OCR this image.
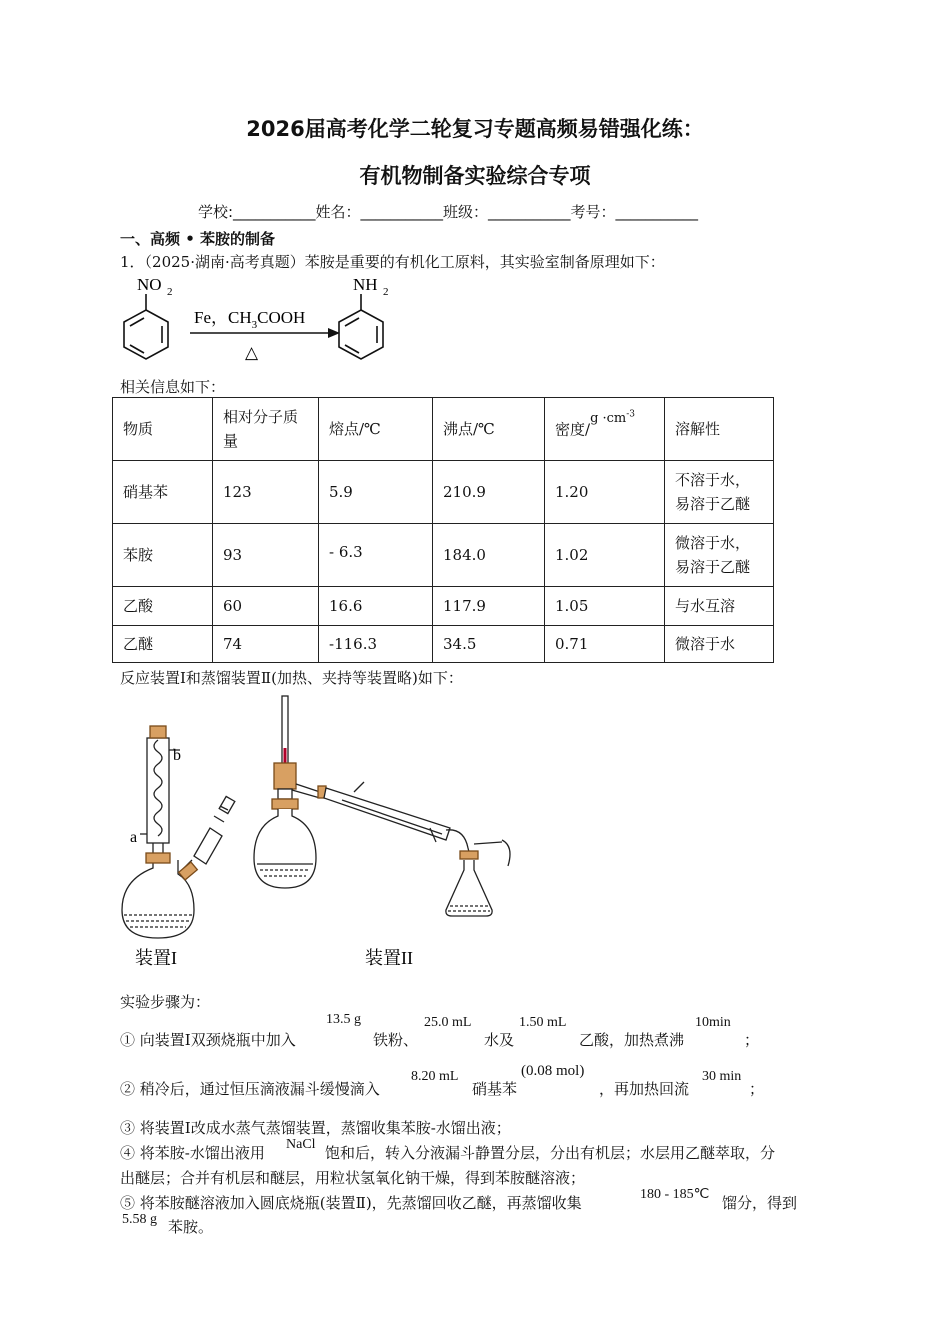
2026届高考化学二轮复习专题高频易错强化练：
有机物制备实验综合专项
学校:___________姓名：___________班级：___________考号：___________
一、高频 • 苯胺的制备
1．（2025·湖南·高考真题）苯胺是重要的有机化工原料，其实验室制备原理如下：
NO 2
Fe，$CH_3COOH$
△
NH 2
相关信息如下：
物质	相对分子质量	熔点/℃	沸点/℃	密度$/g \cdot cm^{-3}$	溶解性
硝基苯	123	5.9	210.9	1.20	不溶于水，易溶于乙醚
苯胺	93	- 6.3	184.0	1.02	微溶于水，易溶于乙醚
乙酸	60	16.6	117.9	1.05	与水互溶
乙醚	74	-116.3	34.5	0.71	微溶于水
反应装置Ⅰ和蒸馏装置Ⅱ(加热、夹持等装置略)如下：
b
a
装置I	装置II
实验步骤为：
① 向装置Ⅰ双颈烧瓶中加入
13.5 g
铁粉、
25.0 mL
水及
1.50 mL
乙酸，加热煮沸
10min
；
② 稍冷后，通过恒压滴液漏斗缓慢滴入
8.20 mL
硝基苯
(0.08 mol)
，再加热回流
30 min
；
③ 将装置Ⅰ改成水蒸气蒸馏装置，蒸馏收集苯胺-水馏出液；
④ 将苯胺-水馏出液用 NaCl 饱和后，转入分液漏斗静置分层，分出有机层；水层用乙醚萃取，分
出醚层；合并有机层和醚层，用粒状氢氧化钠干燥，得到苯胺醚溶液；
⑤ 将苯胺醚溶液加入圆底烧瓶(装置Ⅱ)，先蒸馏回收乙醚，再蒸馏收集	180 - 185℃ 馏分，得到
5.58 g 苯胺。
